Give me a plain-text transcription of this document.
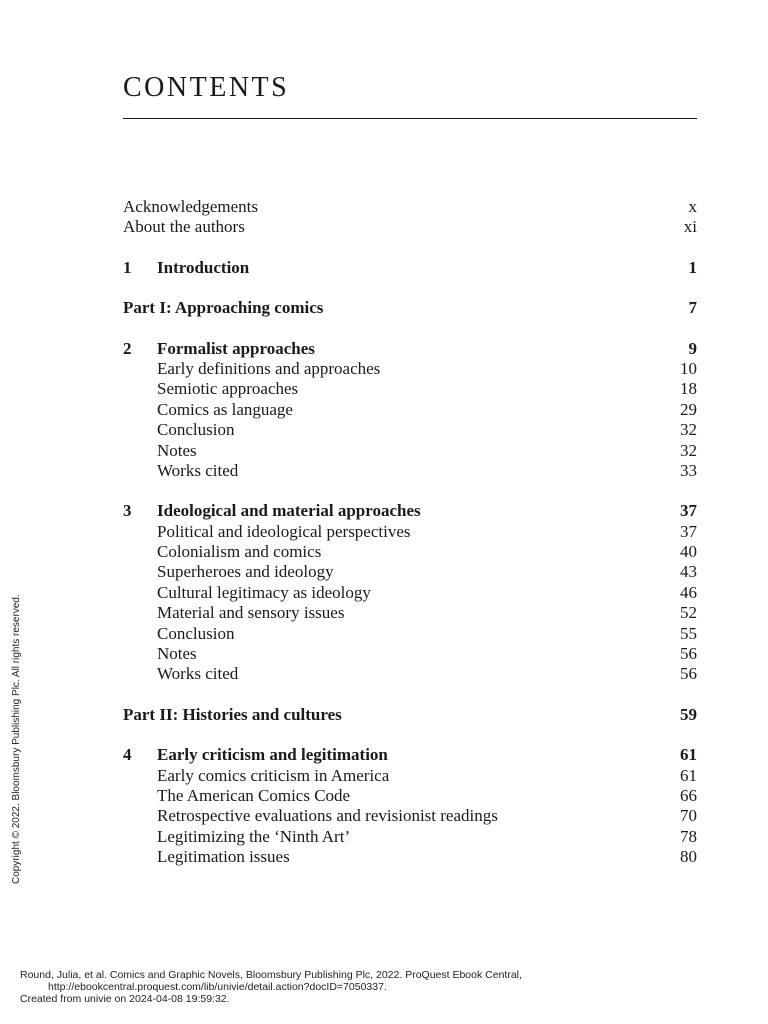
CONTENTS
Acknowledgements	x
About the authors	xi
1	Introduction	1
Part I: Approaching comics	7
2	Formalist approaches	9
Early definitions and approaches	10
Semiotic approaches	18
Comics as language	29
Conclusion	32
Notes	32
Works cited	33
3	Ideological and material approaches	37
Political and ideological perspectives	37
Colonialism and comics	40
Superheroes and ideology	43
Cultural legitimacy as ideology	46
Material and sensory issues	52
Conclusion	55
Notes	56
Works cited	56
Part II: Histories and cultures	59
4	Early criticism and legitimation	61
Early comics criticism in America	61
The American Comics Code	66
Retrospective evaluations and revisionist readings	70
Legitimizing the ‘Ninth Art’	78
Legitimation issues	80
Copyright © 2022. Bloomsbury Publishing Plc. All rights reserved.
Round, Julia, et al. Comics and Graphic Novels, Bloomsbury Publishing Plc, 2022. ProQuest Ebook Central,
http://ebookcentral.proquest.com/lib/univie/detail.action?docID=7050337.
Created from univie on 2024-04-08 19:59:32.
